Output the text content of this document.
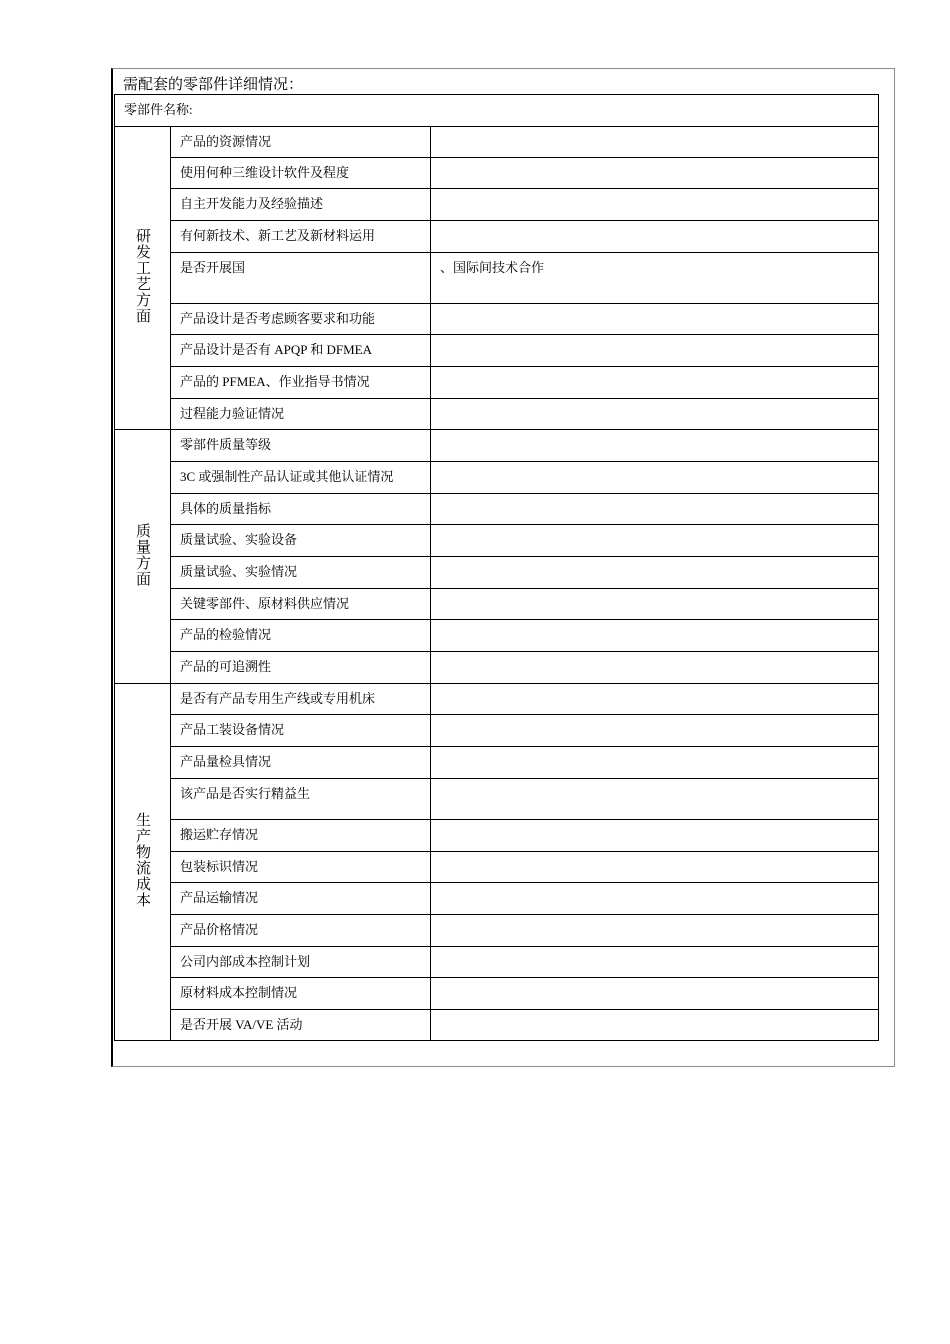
需配套的零部件详细情况：
零部件名称:		
研发工艺方面	产品的资源情况	
	使用何种三维设计软件及程度	
	自主开发能力及经验描述	
	有何新技术、新工艺及新材料运用	
	是否开展国	、国际间技术合作
	产品设计是否考虑顾客要求和功能	
	产品设计是否有 APQP 和 DFMEA	
	产品的 PFMEA、作业指导书情况	
	过程能力验证情况	
质量方面	零部件质量等级	
	3C 或强制性产品认证或其他认证情况	
	具体的质量指标	
	质量试验、实验设备	
	质量试验、实验情况	
	关键零部件、原材料供应情况	
	产品的检验情况	
	产品的可追溯性	
生产物流成本	是否有产品专用生产线或专用机床	
	产品工装设备情况	
	产品量检具情况	
	该产品是否实行精益生	
	搬运贮存情况	
	包装标识情况	
	产品运输情况	
	产品价格情况	
	公司内部成本控制计划	
	原材料成本控制情况	
	是否开展 VA/VE 活动	
